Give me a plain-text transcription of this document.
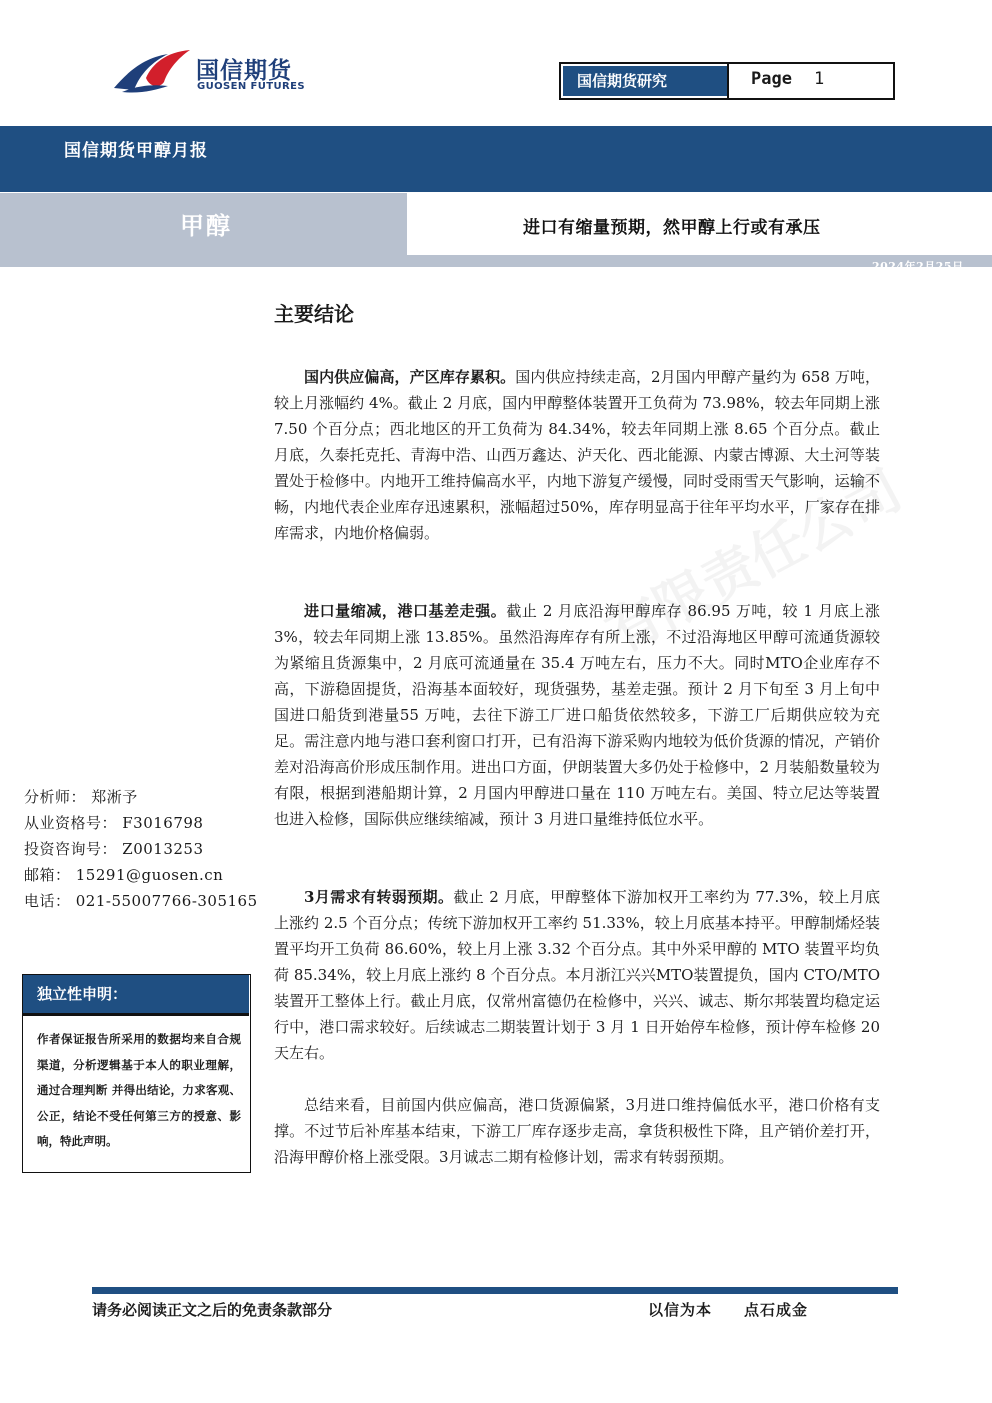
国信期货
GUOSEN FUTURES	国信期货研究	Page 1
国信期货甲醇月报
甲醇	进口有缩量预期，然甲醇上行或有承压
2024年2月25日
主要结论

国内供应偏高，产区库存累积。国内供应持续走高，2月国内甲醇产量约为 658 万吨，较上月涨幅约 4%。截止 2 月底，国内甲醇整体装置开工负荷为 73.98%，较去年同期上涨 7.50 个百分点；西北地区的开工负荷为 84.34%，较去年同期上涨 8.65 个百分点。截止月底，久泰托克托、青海中浩、山西万鑫达、泸天化、西北能源、内蒙古博源、大土河等装置处于检修中。内地开工维持偏高水平，内地下游复产缓慢，同时受雨雪天气影响，运输不畅，内地代表企业库存迅速累积，涨幅超过50%，库存明显高于往年平均水平，厂家存在排库需求，内地价格偏弱。

进口量缩减，港口基差走强。截止 2 月底沿海甲醇库存 86.95 万吨，较 1 月底上涨 3%，较去年同期上涨 13.85%。虽然沿海库存有所上涨，不过沿海地区甲醇可流通货源较为紧缩且货源集中，2 月底可流通量在 35.4 万吨左右，压力不大。同时MTO企业库存不高，下游稳固提货，沿海基本面较好，现货强势，基差走强。预计 2 月下旬至 3 月上旬中国进口船货到港量55 万吨，去往下游工厂进口船货依然较多，下游工厂后期供应较为充足。需注意内地与港口套利窗口打开，已有沿海下游采购内地较为低价货源的情况，产销价差对沿海高价形成压制作用。进出口方面，伊朗装置大多仍处于检修中，2 月装船数量较为有限，根据到港船期计算，2 月国内甲醇进口量在 110 万吨左右。美国、特立尼达等装置也进入检修，国际供应继续缩减，预计 3 月进口量维持低位水平。

3月需求有转弱预期。截止 2 月底，甲醇整体下游加权开工率约为 77.3%，较上月底上涨约 2.5 个百分点；传统下游加权开工率约 51.33%，较上月底基本持平。甲醇制烯烃装置平均开工负荷 86.60%，较上月上涨 3.32 个百分点。其中外采甲醇的 MTO 装置平均负荷 85.34%，较上月底上涨约 8 个百分点。本月浙江兴兴MTO装置提负，国内 CTO/MTO 装置开工整体上行。截止月底，仅常州富德仍在检修中，兴兴、诚志、斯尔邦装置均稳定运行中，港口需求较好。后续诚志二期装置计划于 3 月 1 日开始停车检修，预计停车检修 20 天左右。

总结来看，目前国内供应偏高，港口货源偏紧，3月进口维持偏低水平，港口价格有支撑。不过节后补库基本结束，下游工厂库存逐步走高，拿货积极性下降，且产销价差打开，沿海甲醇价格上涨受限。3月诚志二期有检修计划，需求有转弱预期。

分析师： 郑淅予
从业资格号： F3016798
投资咨询号： Z0013253
邮箱： 15291@guosen.cn
电话： 021-55007766-305165
独立性申明：
作者保证报告所采用的数据均来自合规渠道，分析逻辑基于本人的职业理解，通过合理判断 并得出结论，力求客观、公正，结论不受任何第三方的授意、影响，特此声明。
请务必阅读正文之后的免责条款部分	以信为本 点石成金
